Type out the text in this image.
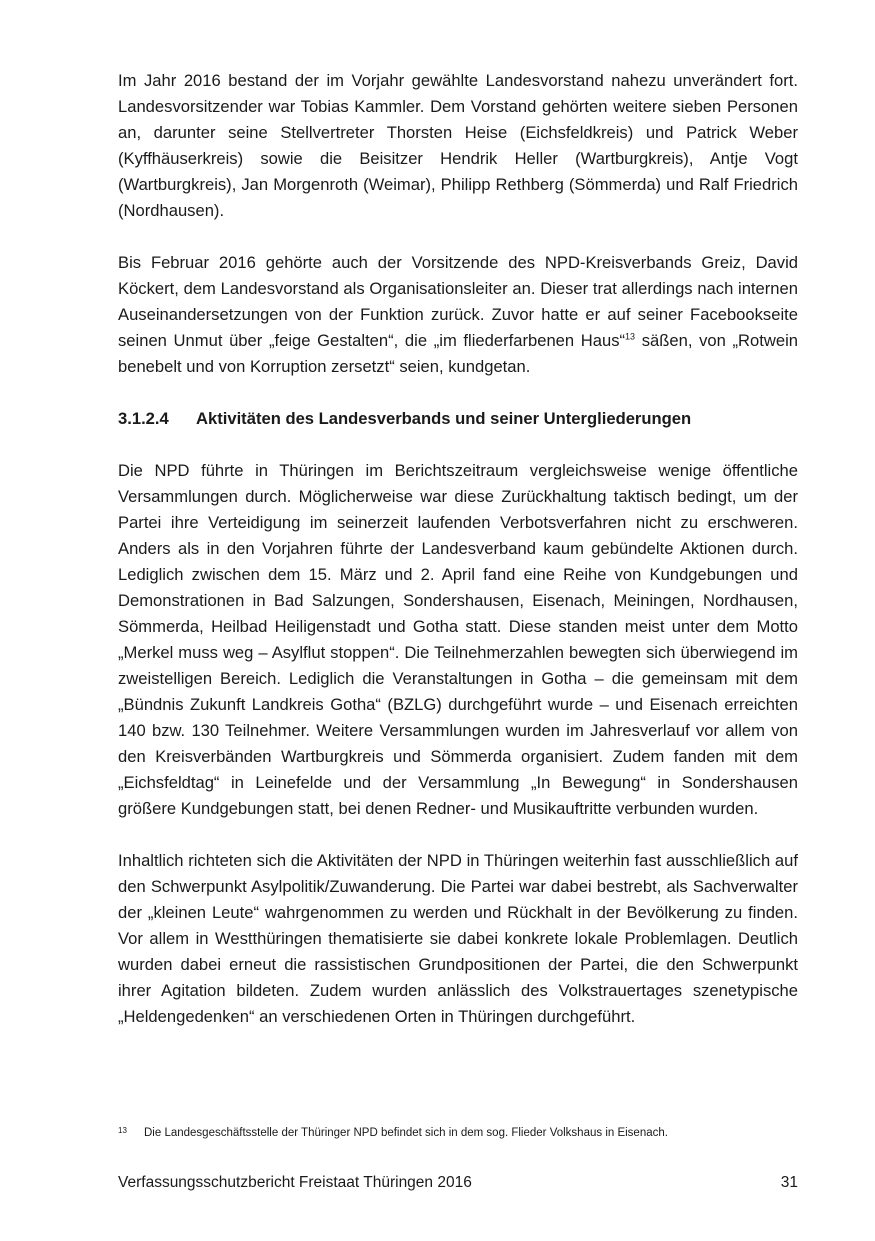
Im Jahr 2016 bestand der im Vorjahr gewählte Landesvorstand nahezu unverändert fort. Landesvorsitzender war Tobias Kammler. Dem Vorstand gehörten weitere sieben Personen an, darunter seine Stellvertreter Thorsten Heise (Eichsfeldkreis) und Patrick Weber (Kyffhäuserkreis) sowie die Beisitzer Hendrik Heller (Wartburgkreis), Antje Vogt (Wartburgkreis), Jan Morgenroth (Weimar), Philipp Rethberg (Sömmerda) und Ralf Friedrich (Nordhausen).

Bis Februar 2016 gehörte auch der Vorsitzende des NPD-Kreisverbands Greiz, David Köckert, dem Landesvorstand als Organisationsleiter an. Dieser trat allerdings nach internen Auseinandersetzungen von der Funktion zurück. Zuvor hatte er auf seiner Facebookseite seinen Unmut über „feige Gestalten“, die „im fliederfarbenen Haus“$^{13}$ säßen, von „Rotwein benebelt und von Korruption zersetzt“ seien, kundgetan.

3.1.2.4 Aktivitäten des Landesverbands und seiner Untergliederungen

Die NPD führte in Thüringen im Berichtszeitraum vergleichsweise wenige öffentliche Versammlungen durch. Möglicherweise war diese Zurückhaltung taktisch bedingt, um der Partei ihre Verteidigung im seinerzeit laufenden Verbotsverfahren nicht zu erschweren. Anders als in den Vorjahren führte der Landesverband kaum gebündelte Aktionen durch. Lediglich zwischen dem 15. März und 2. April fand eine Reihe von Kundgebungen und Demonstrationen in Bad Salzungen, Sondershausen, Eisenach, Meiningen, Nordhausen, Sömmerda, Heilbad Heiligenstadt und Gotha statt. Diese standen meist unter dem Motto „Merkel muss weg – Asylflut stoppen“. Die Teilnehmerzahlen bewegten sich überwiegend im zweistelligen Bereich. Lediglich die Veranstaltungen in Gotha – die gemeinsam mit dem „Bündnis Zukunft Landkreis Gotha“ (BZLG) durchgeführt wurde – und Eisenach erreichten 140 bzw. 130 Teilnehmer. Weitere Versammlungen wurden im Jahresverlauf vor allem von den Kreisverbänden Wartburgkreis und Sömmerda organisiert. Zudem fanden mit dem „Eichsfeldtag“ in Leinefelde und der Versammlung „In Bewegung“ in Sondershausen größere Kundgebungen statt, bei denen Redner- und Musikauftritte verbunden wurden.

Inhaltlich richteten sich die Aktivitäten der NPD in Thüringen weiterhin fast ausschließlich auf den Schwerpunkt Asylpolitik/Zuwanderung. Die Partei war dabei bestrebt, als Sachverwalter der „kleinen Leute“ wahrgenommen zu werden und Rückhalt in der Bevölkerung zu finden. Vor allem in Westthüringen thematisierte sie dabei konkrete lokale Problemlagen. Deutlich wurden dabei erneut die rassistischen Grundpositionen der Partei, die den Schwerpunkt ihrer Agitation bildeten. Zudem wurden anlässlich des Volkstrauertages szenetypische „Heldengedenken“ an verschiedenen Orten in Thüringen durchgeführt.

13 Die Landesgeschäftsstelle der Thüringer NPD befindet sich in dem sog. Flieder Volkshaus in Eisenach.
Verfassungsschutzbericht Freistaat Thüringen 2016	31
